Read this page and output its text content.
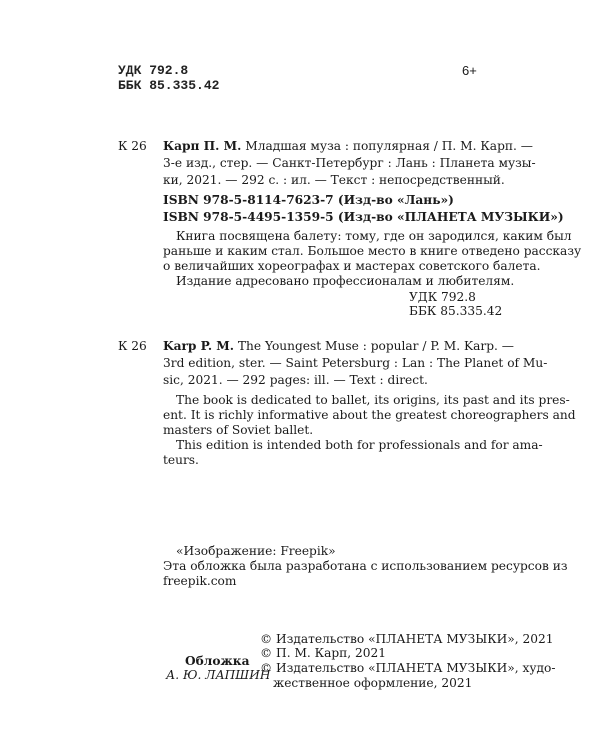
УДК 792.8
ББК 85.335.42
6+
К 26 Карп П. М. Младшая муза : популярная / П. М. Карп. —
3-е изд., стер. — Санкт-Петербург : Лань : Планета музы-
ки, 2021. — 292 с. : ил. — Текст : непосредственный.
ISBN 978-5-8114-7623-7 (Изд-во «Лань»)
ISBN 978-5-4495-1359-5 (Изд-во «ПЛАНЕТА МУЗЫКИ»)
Книга посвящена балету: тому, где он зародился, каким был
раньше и каким стал. Большое место в книге отведено рассказу
о величайших хореографах и мастерах советского балета.
Издание адресовано профессионалам и любителям.
УДК 792.8
ББК 85.335.42
К 26 Karp P. M. The Youngest Muse : popular / P. M. Karp. —
3rd edition, ster. — Saint Petersburg : Lan : The Planet of Mu-
sic, 2021. — 292 pages: ill. — Text : direct.
The book is dedicated to ballet, its origins, its past and its pres-
ent. It is richly informative about the greatest choreographers and
masters of Soviet ballet.
This edition is intended both for professionals and for ama-
teurs.
«Изображение: Freepik»
Эта обложка была разработана с использованием ресурсов из
freepik.com
Обложка
А. Ю. ЛАПШИН
© Издательство «ПЛАНЕТА МУЗЫКИ», 2021
© П. М. Карп, 2021
© Издательство «ПЛАНЕТА МУЗЫКИ», худо-
жественное оформление, 2021
